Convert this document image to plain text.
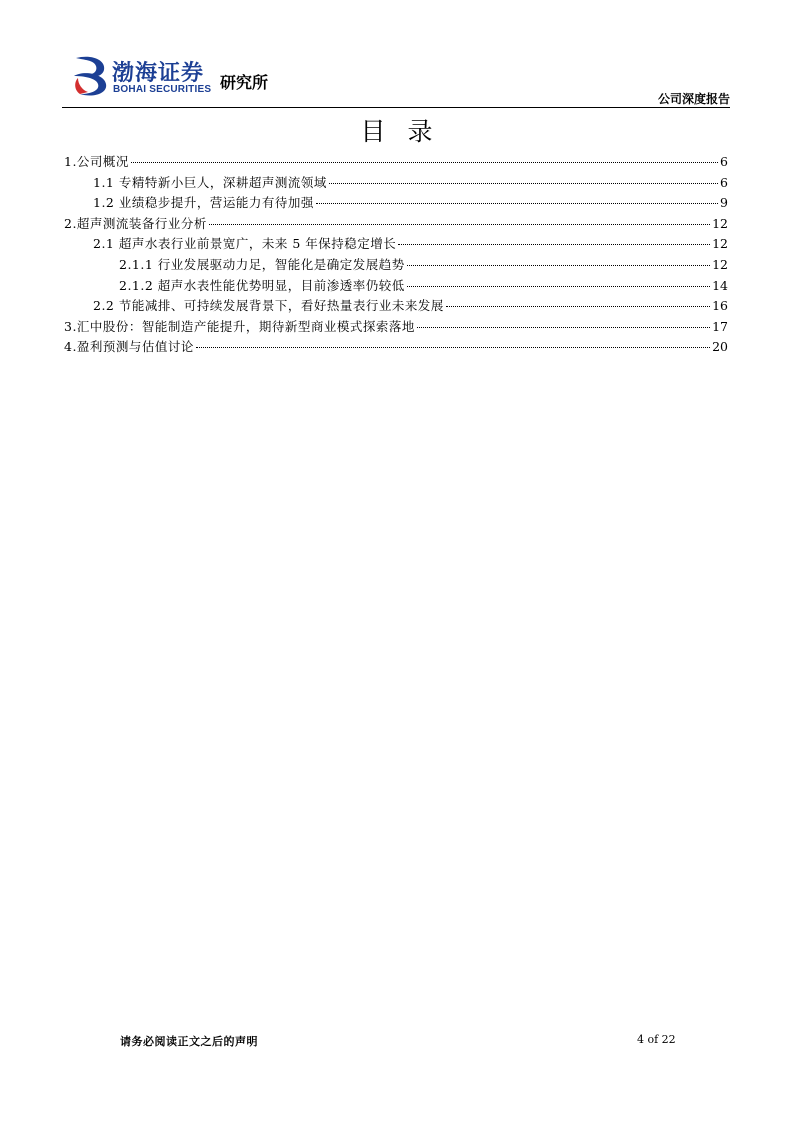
渤海证券
BOHAI SECURITIES 研究所
公司深度报告
目录
1.公司概况	6
1.1 专精特新小巨人，深耕超声测流领域	6
1.2 业绩稳步提升，营运能力有待加强	9
2.超声测流装备行业分析	12
2.1 超声水表行业前景宽广，未来 5 年保持稳定增长	12
2.1.1 行业发展驱动力足，智能化是确定发展趋势	12
2.1.2 超声水表性能优势明显，目前渗透率仍较低	14
2.2 节能减排、可持续发展背景下，看好热量表行业未来发展	16
3.汇中股份：智能制造产能提升，期待新型商业模式探索落地	17
4.盈利预测与估值讨论	20
请务必阅读正文之后的声明	4 of 22
